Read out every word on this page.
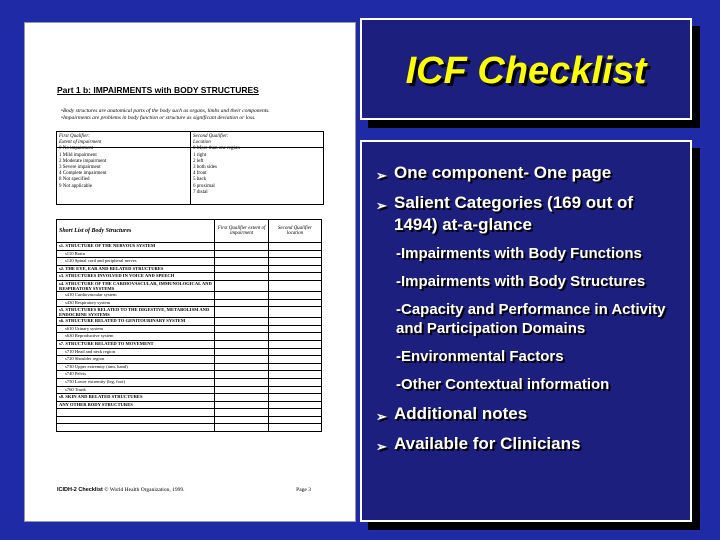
Part 1 b: IMPAIRMENTS with BODY STRUCTURES
• Body structures are anatomical parts of the body such as organs, limbs and their components.
• Impairments are problems in body function or structure as significant deviation or loss.
First Qualifier:
Extent of impairment
0 No impairment
1 Mild impairment
2 Moderate impairment
3 Severe impairment
4 Complete impairment
8 Not specified
9 Not applicable
Second Qualifier:
Location
0 More than one region
1 right
2 left
3 both sides
4 front
5 back
6 proximal
7 distal
Short List of Body Structures	First Qualifier extent of impairment	Second Qualifier location
s1. STRUCTURE OF THE NERVOUS SYSTEM		
s110 Brain		
s120 Spinal cord and peripheral nerves		
s2. THE EYE, EAR AND RELATED STRUCTURES		
s3. STRUCTURES INVOLVED IN VOICE AND SPEECH		
s4. STRUCTURE OF THE CARDIOVASCULAR, IMMUNOLOGICAL AND RESPIRATORY SYSTEMS		
s410 Cardiovascular system		
s430 Respiratory system		
s5. STRUCTURES RELATED TO THE DIGESTIVE, METABOLISM AND ENDOCRINE SYSTEMS		
s6. STRUCTURE RELATED TO GENITOURINARY SYSTEM		
s610 Urinary system		
s630 Reproductive system		
s7. STRUCTURE RELATED TO MOVEMENT		
s710 Head and neck region		
s720 Shoulder region		
s730 Upper extremity (arm, hand)		
s740 Pelvis		
s750 Lower extremity (leg, foot)		
s760 Trunk		
s8. SKIN AND RELATED STRUCTURES		
ANY OTHER BODY STRUCTURES		

ICIDH-2 Checklist © World Health Organization, 1999.	Page 3
ICF Checklist
➢ One component- One page
➢ Salient Categories (169 out of 1494) at-a-glance
-Impairments with Body Functions
-Impairments with Body Structures
-Capacity and Performance in Activity and Participation Domains
-Environmental Factors
-Other Contextual information
➢ Additional notes
➢ Available for Clinicians
